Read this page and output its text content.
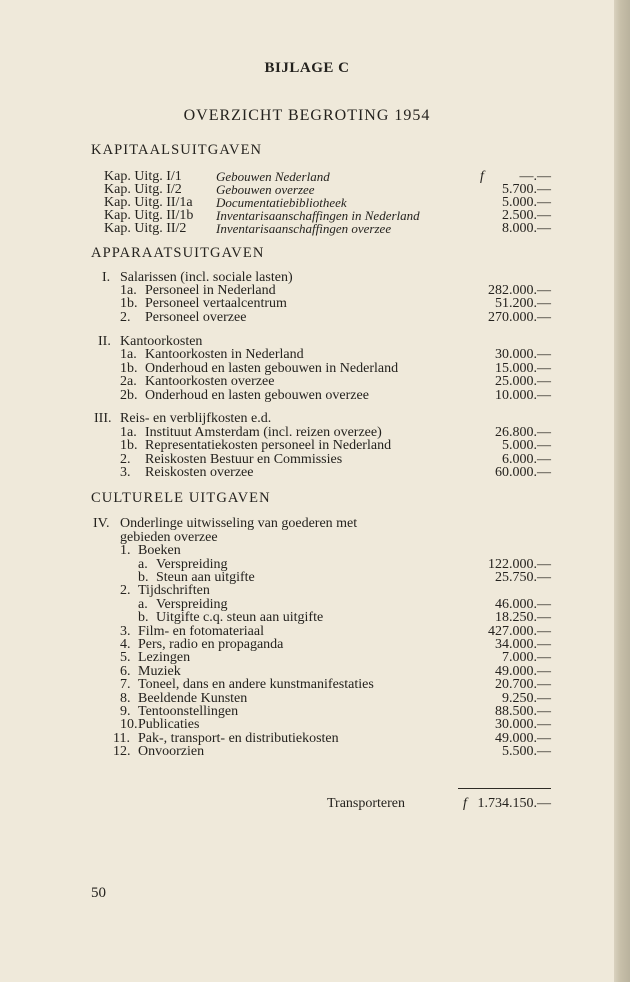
BIJLAGE C
OVERZICHT BEGROTING 1954
KAPITAALSUITGAVEN
Kap. Uitg. I/1	Gebouwen Nederland	f	—.—
Kap. Uitg. I/2	Gebouwen overzee	5.700.—
Kap. Uitg. II/1a Documentatiebibliotheek	5.000.—
Kap. Uitg. II/1b Inventarisaanschaffingen in Nederland	2.500.—
Kap. Uitg. II/2 Inventarisaanschaffingen overzee	8.000.—
APPARAATSUITGAVEN
I. Salarissen (incl. sociale lasten)
1a. Personeel in Nederland	282.000.—
1b. Personeel vertaalcentrum	51.200.—
2. Personeel overzee	270.000.—
II. Kantoorkosten
1a. Kantoorkosten in Nederland	30.000.—
1b. Onderhoud en lasten gebouwen in Nederland	15.000.—
2a. Kantoorkosten overzee	25.000.—
2b. Onderhoud en lasten gebouwen overzee	10.000.—
III. Reis- en verblijfkosten e.d.
1a. Instituut Amsterdam (incl. reizen overzee)	26.800.—
1b. Representatiekosten personeel in Nederland	5.000.—
2. Reiskosten Bestuur en Commissies	6.000.—
3. Reiskosten overzee	60.000.—
CULTURELE UITGAVEN
IV. Onderlinge uitwisseling van goederen met
gebieden overzee
1. Boeken
a. Verspreiding	122.000.—
b. Steun aan uitgifte	25.750.—
2. Tijdschriften
a. Verspreiding	46.000.—
b. Uitgifte c.q. steun aan uitgifte	18.250.—
3. Film- en fotomateriaal	427.000.—
4. Pers, radio en propaganda	34.000.—
5. Lezingen	7.000.—
6. Muziek	49.000.—
7. Toneel, dans en andere kunstmanifestaties	20.700.—
8. Beeldende Kunsten	9.250.—
9. Tentoonstellingen	88.500.—
10. Publicaties	30.000.—
11. Pak-, transport- en distributiekosten	49.000.—
12. Onvoorzien	5.500.—
Transporteren	f 1.734.150.—
50
